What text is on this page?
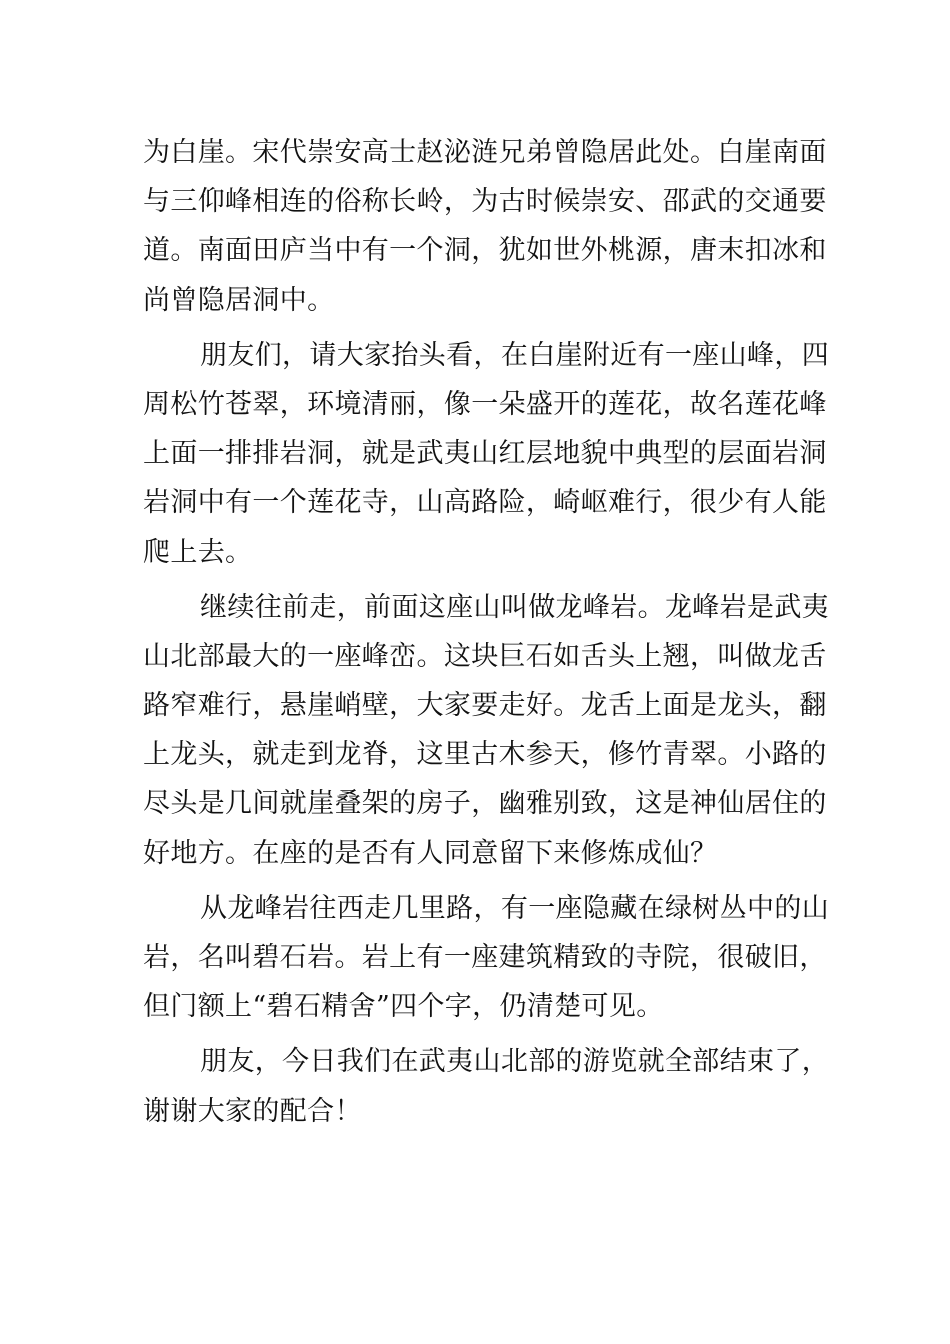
为白崖。宋代崇安高士赵泌涟兄弟曾隐居此处。白崖南面
与三仰峰相连的俗称长岭，为古时候崇安、邵武的交通要
道。南面田庐当中有一个洞，犹如世外桃源，唐末扣冰和
尚曾隐居洞中。
朋友们，请大家抬头看，在白崖附近有一座山峰，四
周松竹苍翠，环境清丽，像一朵盛开的莲花，故名莲花峰
上面一排排岩洞，就是武夷山红层地貌中典型的层面岩洞
岩洞中有一个莲花寺，山高路险，崎岖难行，很少有人能
爬上去。
继续往前走，前面这座山叫做龙峰岩。龙峰岩是武夷
山北部最大的一座峰峦。这块巨石如舌头上翘，叫做龙舌
路窄难行，悬崖峭壁，大家要走好。龙舌上面是龙头，翻
上龙头，就走到龙脊，这里古木参天，修竹青翠。小路的
尽头是几间就崖叠架的房子，幽雅别致，这是神仙居住的
好地方。在座的是否有人同意留下来修炼成仙？
从龙峰岩往西走几里路，有一座隐藏在绿树丛中的山
岩，名叫碧石岩。岩上有一座建筑精致的寺院，很破旧，
但门额上“碧石精舍”四个字，仍清楚可见。
朋友，今日我们在武夷山北部的游览就全部结束了，
谢谢大家的配合！
